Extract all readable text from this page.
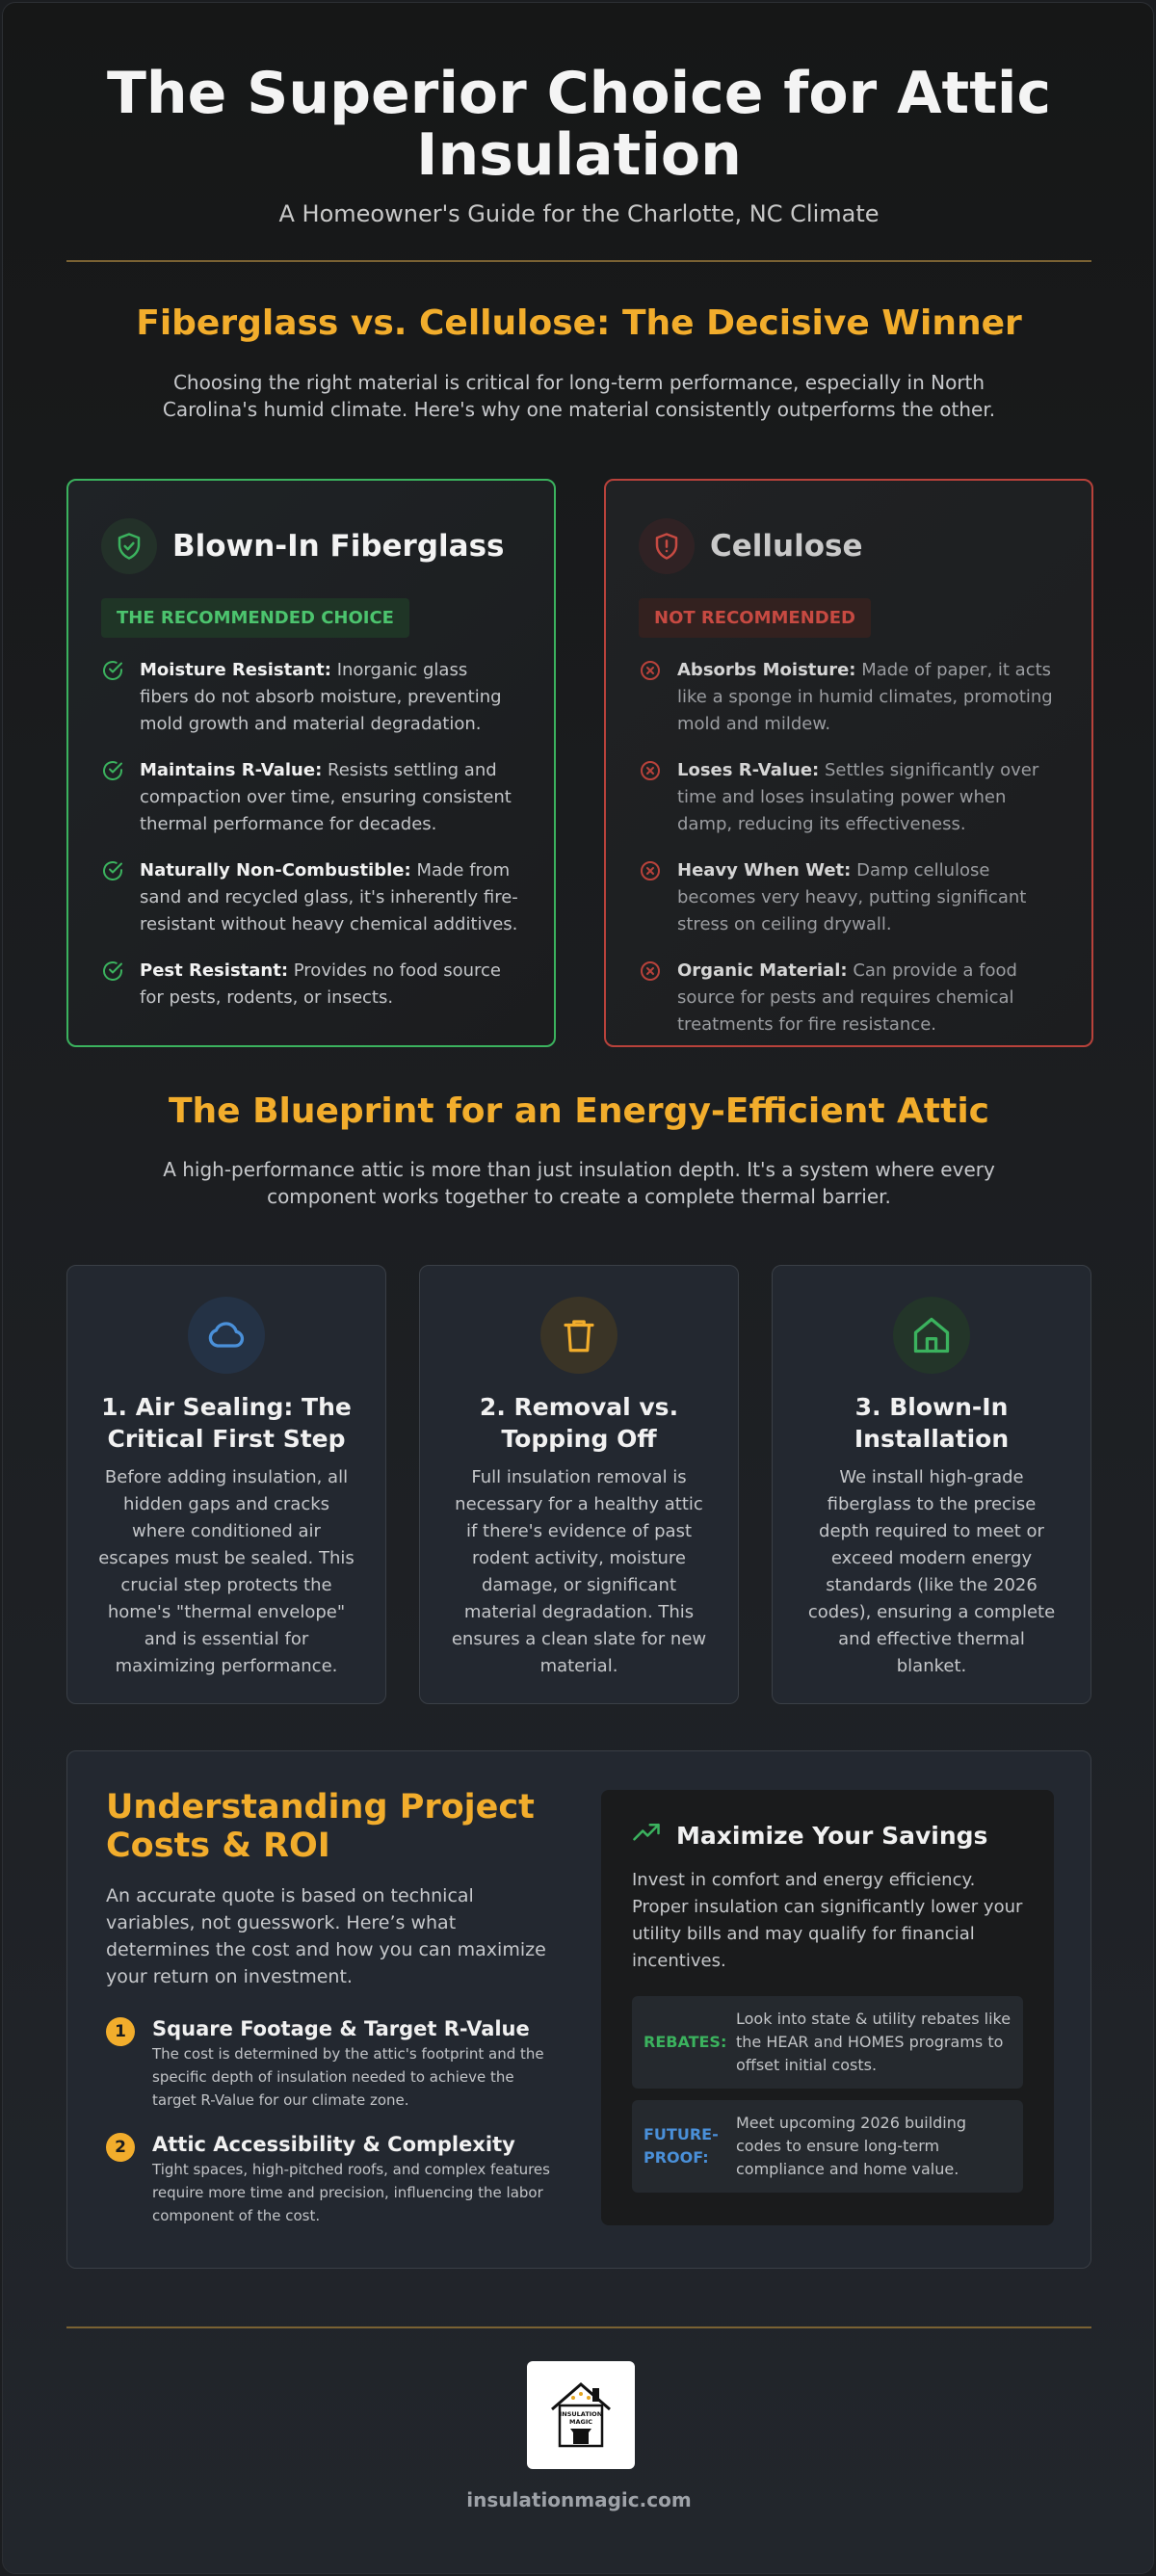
The Superior Choice for Attic Insulation
A Homeowner's Guide for the Charlotte, NC Climate
Fiberglass vs. Cellulose: The Decisive Winner
Choosing the right material is critical for long-term performance, especially in North Carolina's humid climate. Here's why one material consistently outperforms the other.
Blown-In Fiberglass
THE RECOMMENDED CHOICE
Moisture Resistant: Inorganic glass fibers do not absorb moisture, preventing mold growth and material degradation.
Maintains R-Value: Resists settling and compaction over time, ensuring consistent thermal performance for decades.
Naturally Non-Combustible: Made from sand and recycled glass, it's inherently fire-resistant without heavy chemical additives.
Pest Resistant: Provides no food source for pests, rodents, or insects.
Cellulose
NOT RECOMMENDED
Absorbs Moisture: Made of paper, it acts like a sponge in humid climates, promoting mold and mildew.
Loses R-Value: Settles significantly over time and loses insulating power when damp, reducing its effectiveness.
Heavy When Wet: Damp cellulose becomes very heavy, putting significant stress on ceiling drywall.
Organic Material: Can provide a food source for pests and requires chemical treatments for fire resistance.
The Blueprint for an Energy-Efficient Attic
A high-performance attic is more than just insulation depth. It's a system where every component works together to create a complete thermal barrier.
1. Air Sealing: The Critical First Step
Before adding insulation, all hidden gaps and cracks where conditioned air escapes must be sealed. This crucial step protects the home's "thermal envelope" and is essential for maximizing performance.
2. Removal vs. Topping Off
Full insulation removal is necessary for a healthy attic if there's evidence of past rodent activity, moisture damage, or significant material degradation. This ensures a clean slate for new material.
3. Blown-In Installation
We install high-grade fiberglass to the precise depth required to meet or exceed modern energy standards (like the 2026 codes), ensuring a complete and effective thermal blanket.
Understanding Project Costs & ROI
An accurate quote is based on technical variables, not guesswork. Here’s what determines the cost and how you can maximize your return on investment.
1	Square Footage & Target R-Value
The cost is determined by the attic's footprint and the specific depth of insulation needed to achieve the target R-Value for our climate zone.
2	Attic Accessibility & Complexity
Tight spaces, high-pitched roofs, and complex features require more time and precision, influencing the labor component of the cost.
Maximize Your Savings
Invest in comfort and energy efficiency. Proper insulation can significantly lower your utility bills and may qualify for financial incentives.
REBATES:
Look into state & utility rebates like the HEAR and HOMES programs to offset initial costs.
FUTURE-PROOF:
Meet upcoming 2026 building codes to ensure long-term compliance and home value.
INSULATION
MAGIC
insulationmagic.com
